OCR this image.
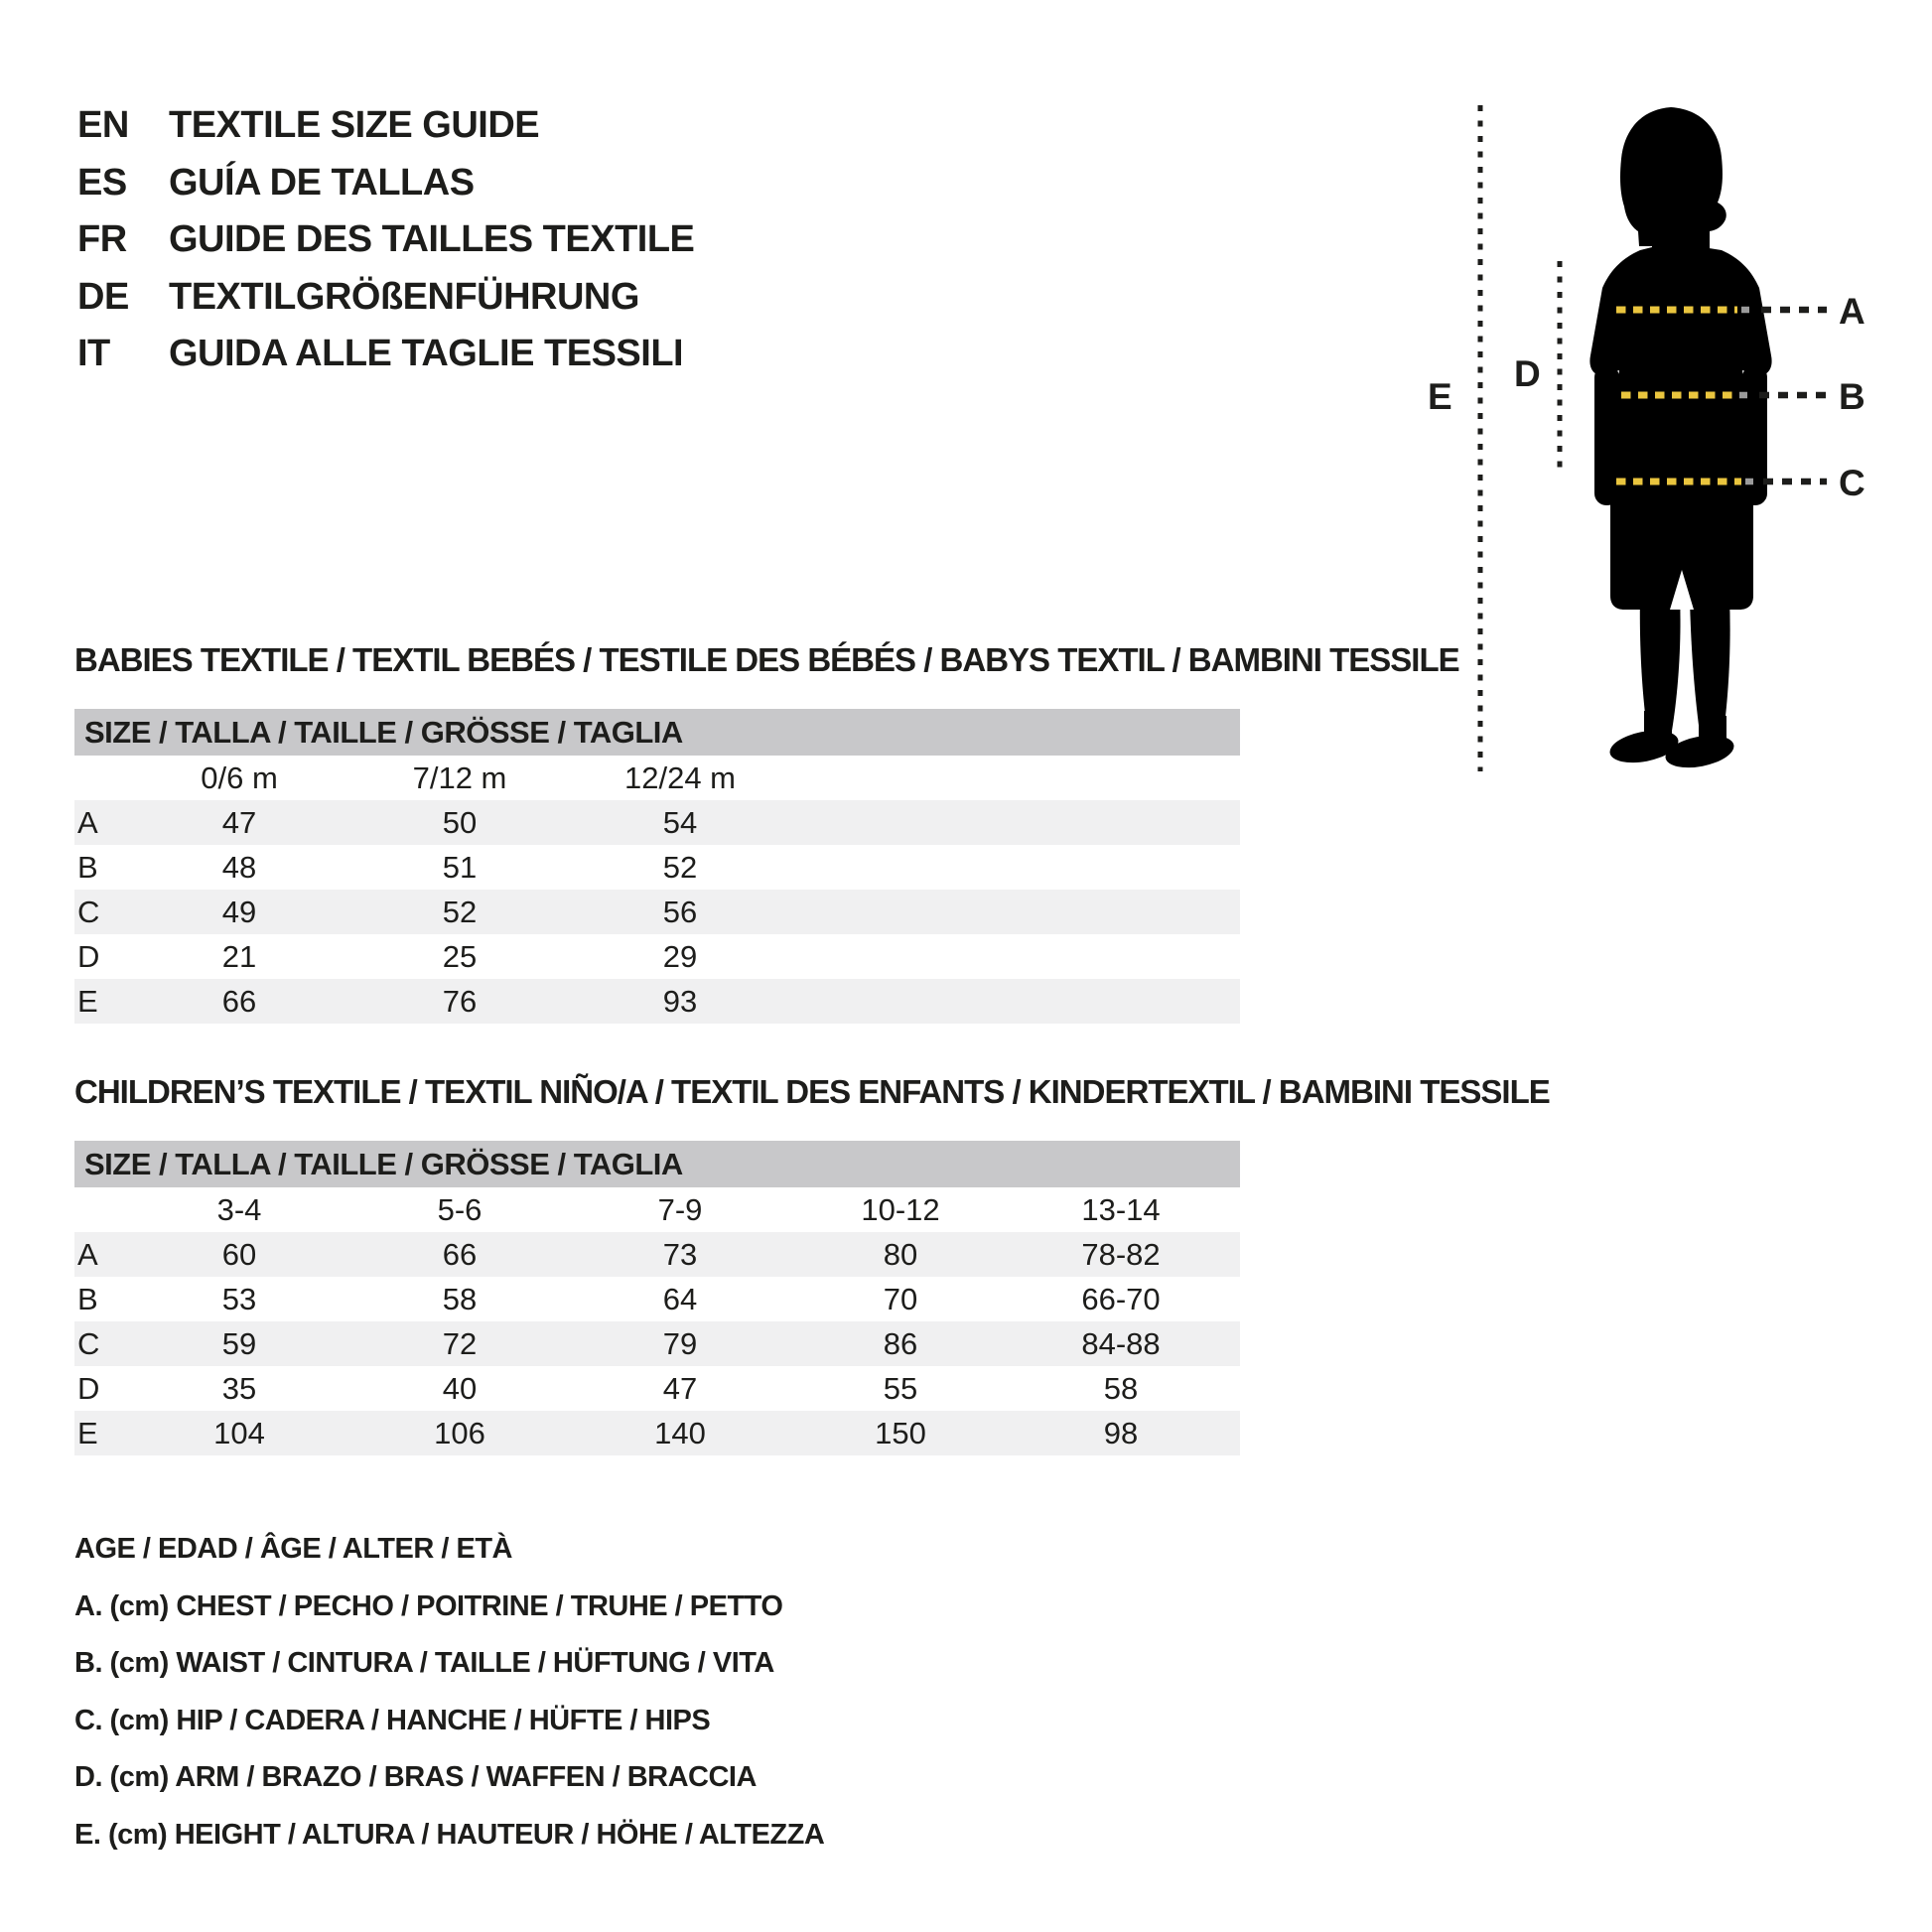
EN	TEXTILE SIZE GUIDE
ES	GUÍA DE TALLAS
FR	GUIDE DES TAILLES TEXTILE
DE	TEXTILGRÖßENFÜHRUNG
IT	GUIDA ALLE TAGLIE TESSILI
A
B
C
D
E
BABIES TEXTILE / TEXTIL BEBÉS / TESTILE DES BÉBÉS / BABYS TEXTIL / BAMBINI TESSILE
SIZE / TALLA / TAILLE / GRÖSSE / TAGLIA
	0/6 m	7/12 m	12/24 m	
A	47	50	54	
B	48	51	52	
C	49	52	56	
D	21	25	29	
E	66	76	93	
CHILDREN’S TEXTILE / TEXTIL NIÑO/A / TEXTIL DES ENFANTS / KINDERTEXTIL / BAMBINI TESSILE
SIZE / TALLA / TAILLE / GRÖSSE / TAGLIA
	3-4	5-6	7-9	10-12	13-14	
A	60	66	73	80	78-82	
B	53	58	64	70	66-70	
C	59	72	79	86	84-88	
D	35	40	47	55	58	
E	104	106	140	150	98	
AGE / EDAD / ÂGE / ALTER / ETÀ
A. (cm) CHEST / PECHO / POITRINE / TRUHE / PETTO
B. (cm) WAIST / CINTURA / TAILLE / HÜFTUNG / VITA
C. (cm) HIP / CADERA / HANCHE / HÜFTE / HIPS
D. (cm) ARM / BRAZO / BRAS / WAFFEN / BRACCIA
E. (cm) HEIGHT / ALTURA / HAUTEUR / HÖHE / ALTEZZA
